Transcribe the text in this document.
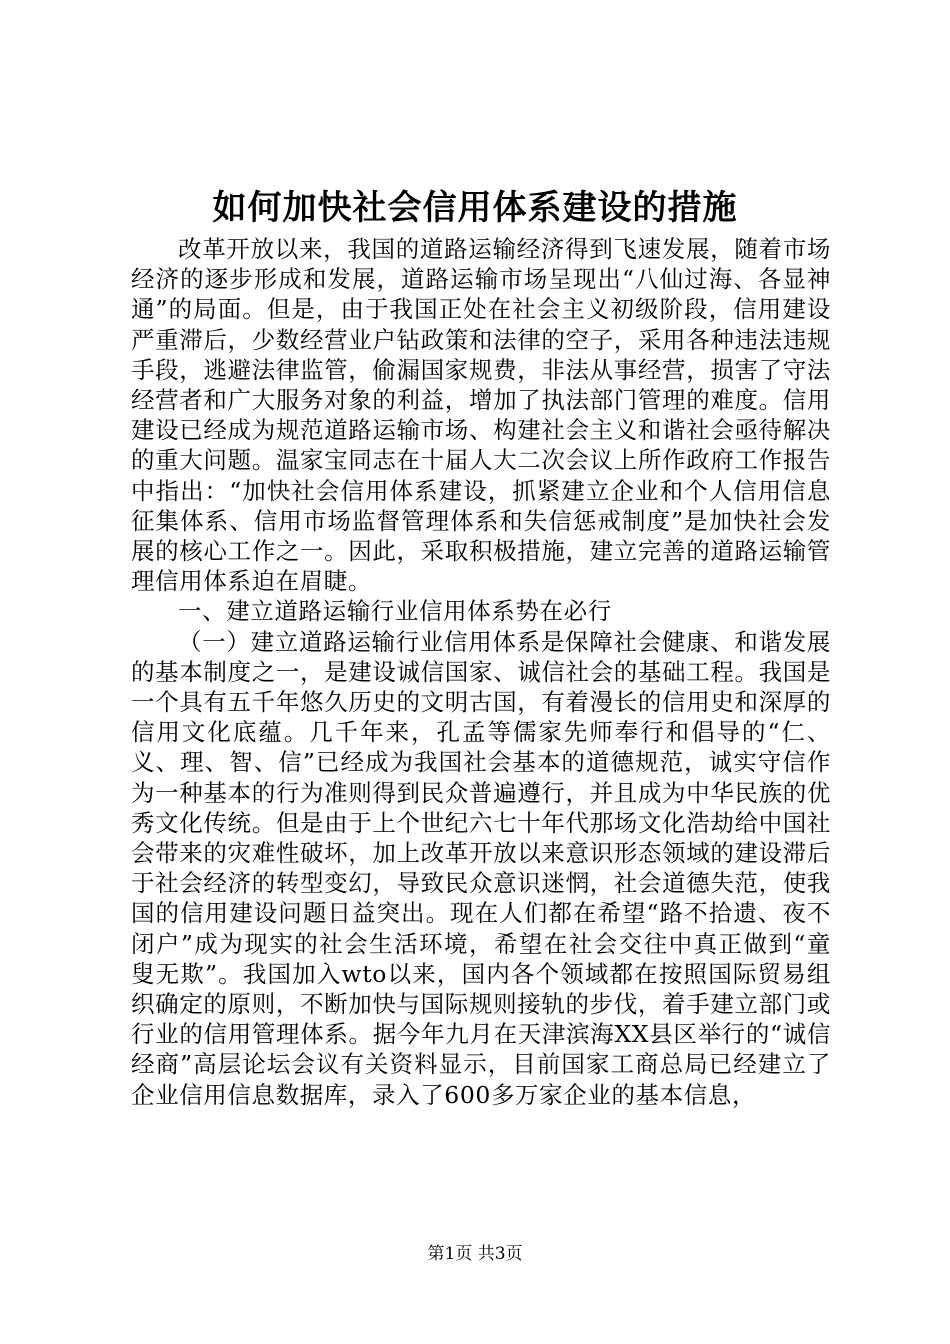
如何加快社会信用体系建设的措施

改革开放以来，我国的道路运输经济得到飞速发展，随着市场经济的逐步形成和发展，道路运输市场呈现出“八仙过海、各显神通”的局面。但是，由于我国正处在社会主义初级阶段，信用建设严重滞后，少数经营业户钻政策和法律的空子，采用各种违法违规手段，逃避法律监管，偷漏国家规费，非法从事经营，损害了守法经营者和广大服务对象的利益，增加了执法部门管理的难度。信用建设已经成为规范道路运输市场、构建社会主义和谐社会亟待解决的重大问题。温家宝同志在十届人大二次会议上所作政府工作报告中指出：“加快社会信用体系建设，抓紧建立企业和个人信用信息征集体系、信用市场监督管理体系和失信惩戒制度”是加快社会发展的核心工作之一。因此，采取积极措施，建立完善的道路运输管理信用体系迫在眉睫。

一、建立道路运输行业信用体系势在必行

（一）建立道路运输行业信用体系是保障社会健康、和谐发展的基本制度之一，是建设诚信国家、诚信社会的基础工程。我国是一个具有五千年悠久历史的文明古国，有着漫长的信用史和深厚的信用文化底蕴。几千年来，孔孟等儒家先师奉行和倡导的“仁、义、理、智、信”已经成为我国社会基本的道德规范，诚实守信作为一种基本的行为准则得到民众普遍遵行，并且成为中华民族的优秀文化传统。但是由于上个世纪六七十年代那场文化浩劫给中国社会带来的灾难性破坏，加上改革开放以来意识形态领域的建设滞后于社会经济的转型变幻，导致民众意识迷惘，社会道德失范，使我国的信用建设问题日益突出。现在人们都在希望“路不拾遗、夜不闭户”成为现实的社会生活环境，希望在社会交往中真正做到“童叟无欺”。我国加入wto以来，国内各个领域都在按照国际贸易组织确定的原则，不断加快与国际规则接轨的步伐，着手建立部门或行业的信用管理体系。据今年九月在天津滨海XX县区举行的“诚信经商”高层论坛会议有关资料显示，目前国家工商总局已经建立了企业信用信息数据库，录入了600多万家企业的基本信息，

第1页 共3页
